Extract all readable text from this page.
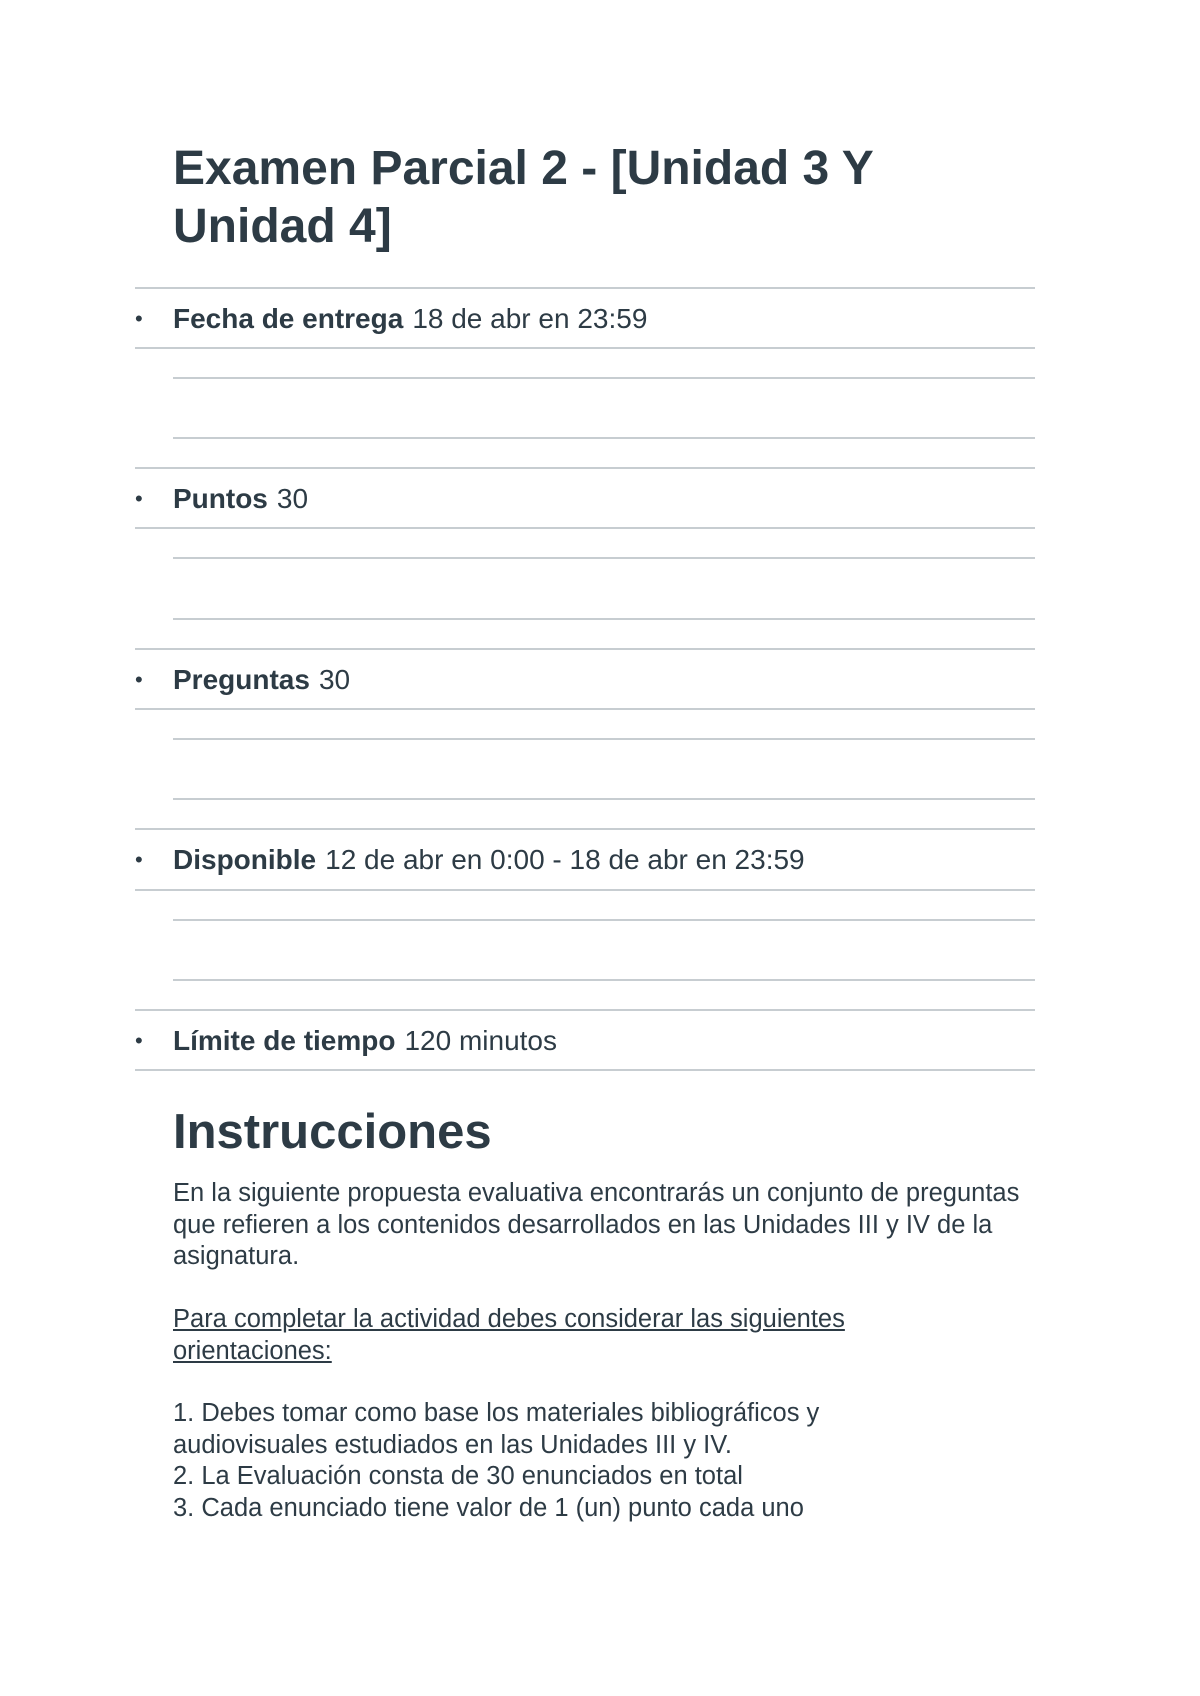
Examen Parcial 2 - [Unidad 3 Y Unidad 4]
•	Fecha de entrega 18 de abr en 23:59
•	Puntos 30
•	Preguntas 30
•	Disponible 12 de abr en 0:00 - 18 de abr en 23:59
•	Límite de tiempo 120 minutos
Instrucciones

En la siguiente propuesta evaluativa encontrarás un conjunto de preguntas que refieren a los contenidos desarrollados en las Unidades III y IV de la asignatura.

Para completar la actividad debes considerar las siguientes orientaciones:

1. Debes tomar como base los materiales bibliográficos y audiovisuales estudiados en las Unidades III y IV.
2. La Evaluación consta de 30 enunciados en total
3. Cada enunciado tiene valor de 1 (un) punto cada uno
